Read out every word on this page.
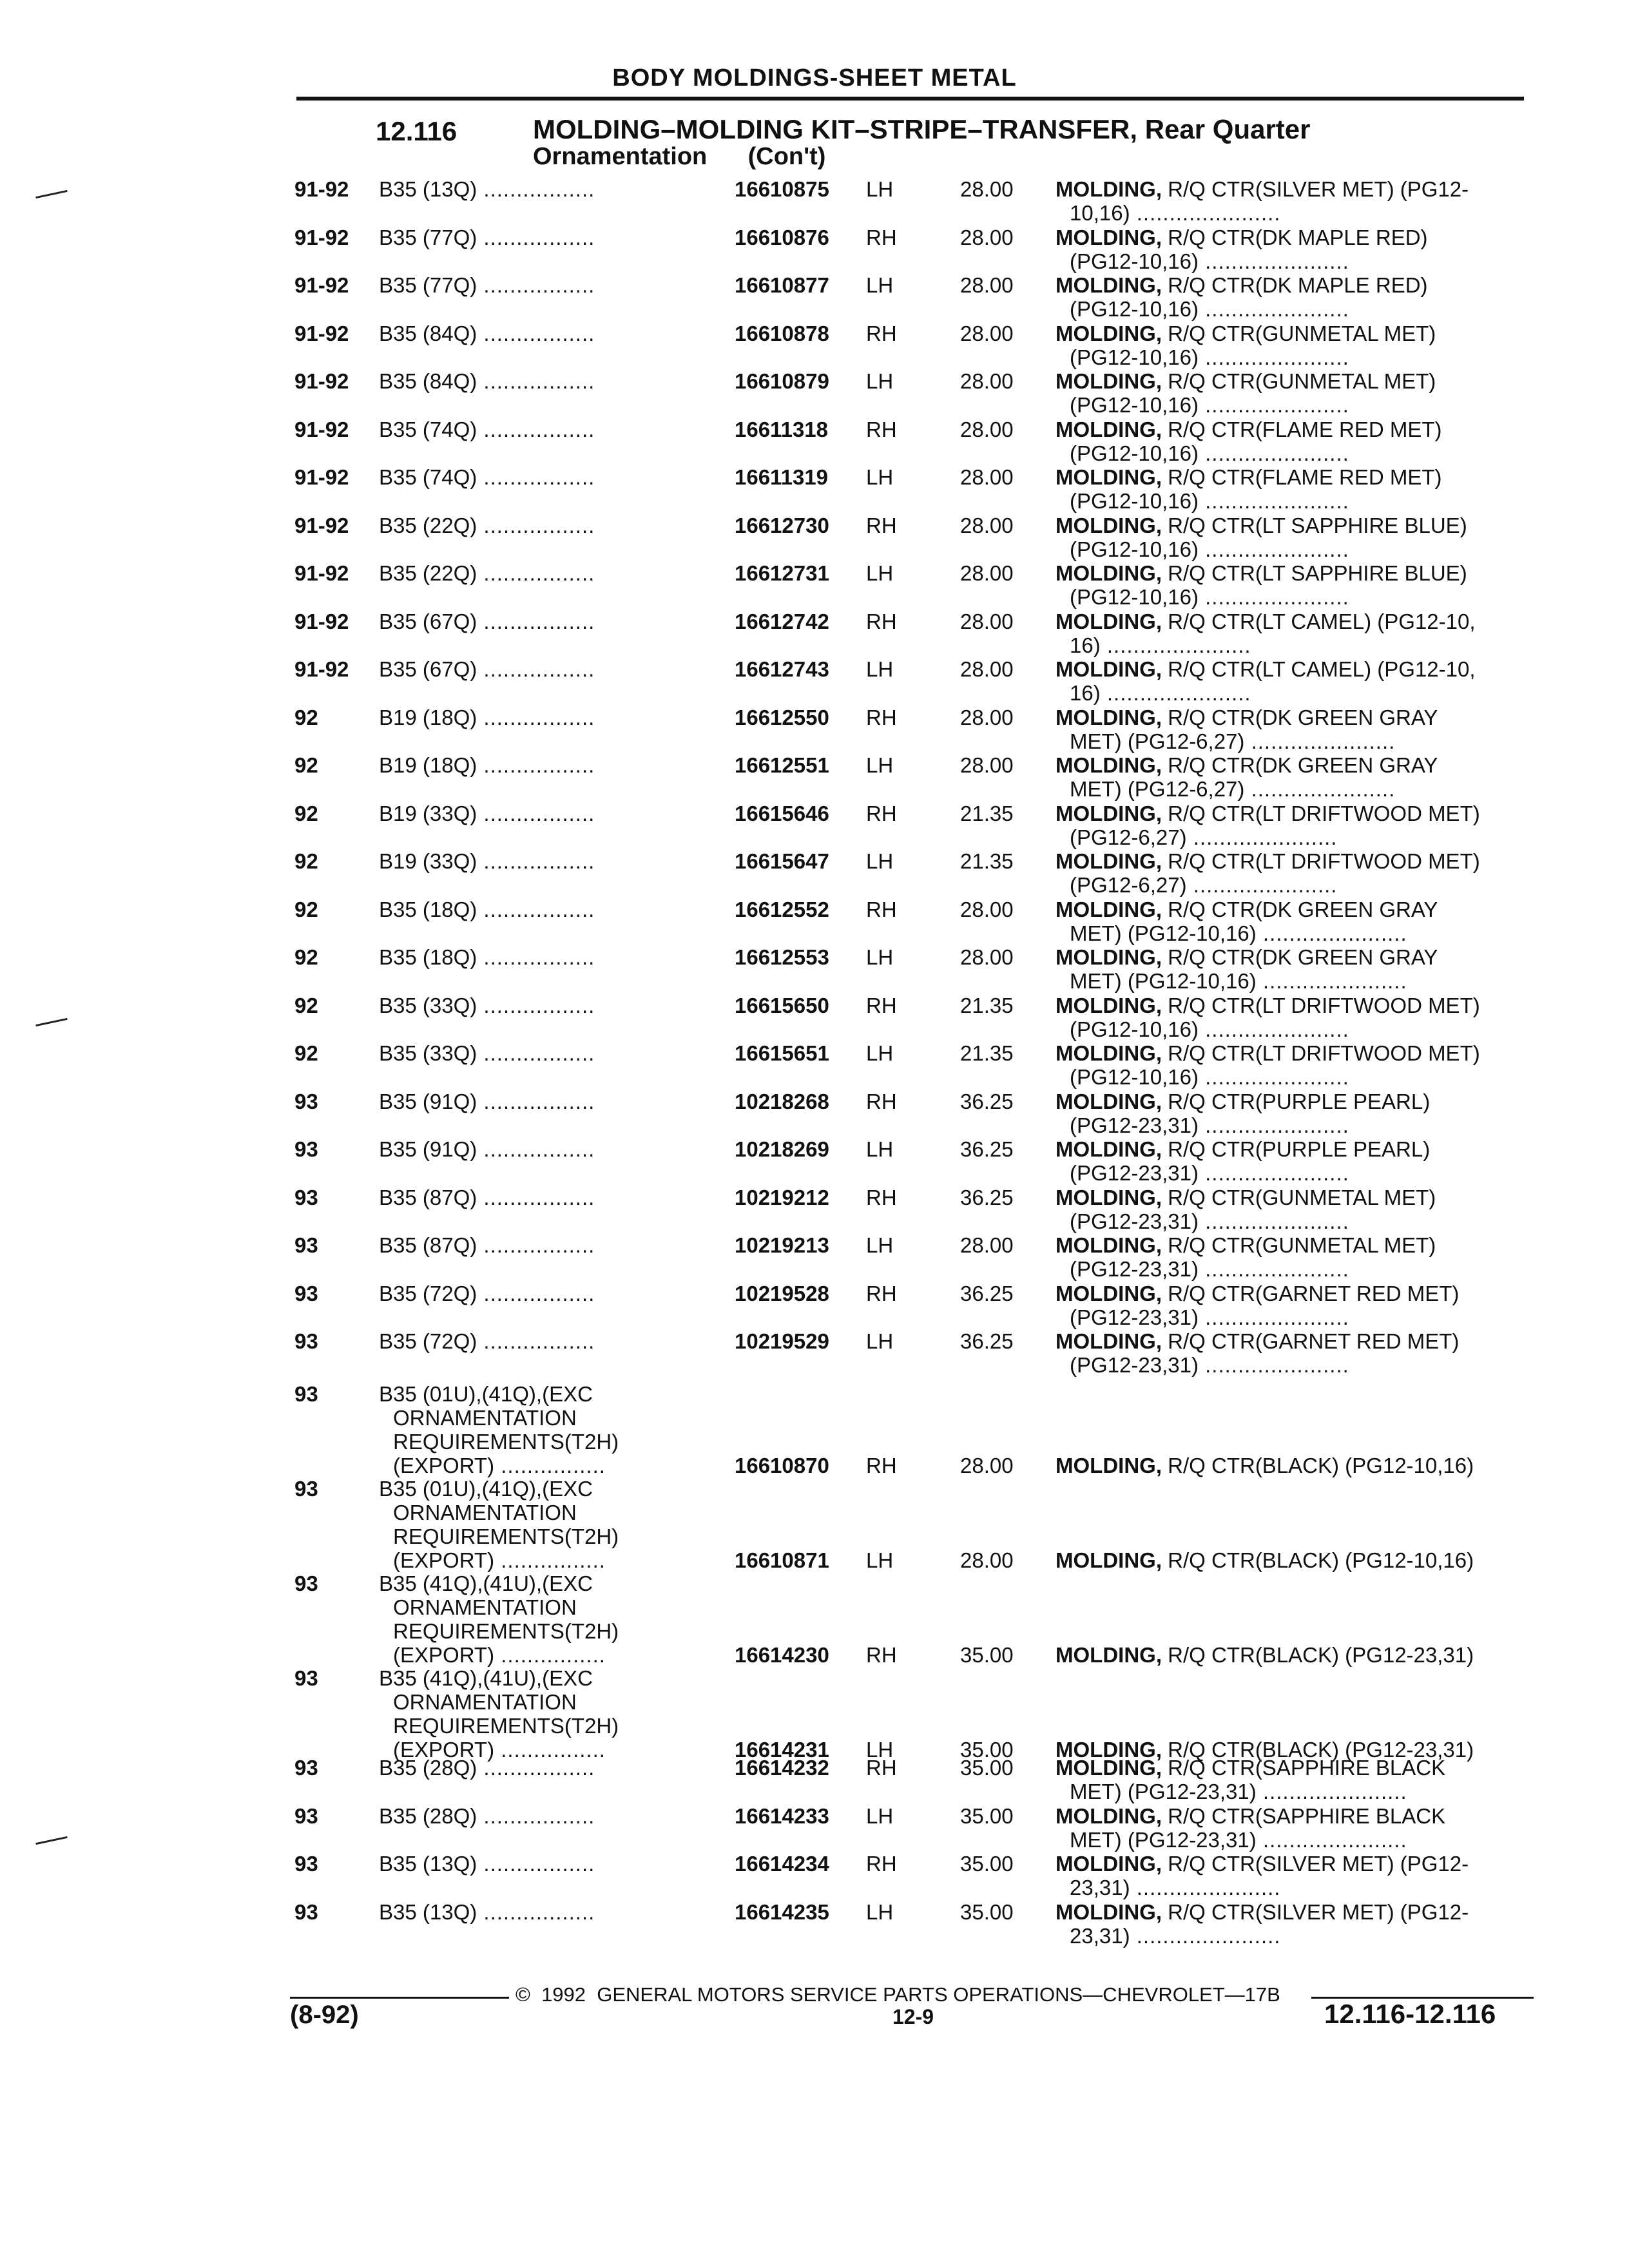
BODY MOLDINGS-SHEET METAL
12.116	MOLDING–MOLDING KIT–STRIPE–TRANSFER, Rear Quarter
Ornamentation      (Con't)
91-92 B35 (13Q) .................	16610875 LH	28.00 MOLDING, R/Q CTR(SILVER MET) (PG12-
10,16) ......................
91-92 B35 (77Q) .................	16610876 RH	28.00 MOLDING, R/Q CTR(DK MAPLE RED)
(PG12-10,16) ......................
91-92 B35 (77Q) .................	16610877 LH	28.00 MOLDING, R/Q CTR(DK MAPLE RED)
(PG12-10,16) ......................
91-92 B35 (84Q) .................	16610878 RH	28.00 MOLDING, R/Q CTR(GUNMETAL MET)
(PG12-10,16) ......................
91-92 B35 (84Q) .................	16610879 LH	28.00 MOLDING, R/Q CTR(GUNMETAL MET)
(PG12-10,16) ......................
91-92 B35 (74Q) .................	16611318 RH	28.00 MOLDING, R/Q CTR(FLAME RED MET)
(PG12-10,16) ......................
91-92 B35 (74Q) .................	16611319 LH	28.00 MOLDING, R/Q CTR(FLAME RED MET)
(PG12-10,16) ......................
91-92 B35 (22Q) .................	16612730 RH	28.00 MOLDING, R/Q CTR(LT SAPPHIRE BLUE)
(PG12-10,16) ......................
91-92 B35 (22Q) .................	16612731 LH	28.00 MOLDING, R/Q CTR(LT SAPPHIRE BLUE)
(PG12-10,16) ......................
91-92 B35 (67Q) .................	16612742 RH	28.00 MOLDING, R/Q CTR(LT CAMEL) (PG12-10,
16) ......................
91-92 B35 (67Q) .................	16612743 LH	28.00 MOLDING, R/Q CTR(LT CAMEL) (PG12-10,
16) ......................
92	B19 (18Q) .................	16612550 RH	28.00 MOLDING, R/Q CTR(DK GREEN GRAY
MET) (PG12-6,27) ......................
92	B19 (18Q) .................	16612551 LH	28.00 MOLDING, R/Q CTR(DK GREEN GRAY
MET) (PG12-6,27) ......................
92	B19 (33Q) .................	16615646 RH	21.35 MOLDING, R/Q CTR(LT DRIFTWOOD MET)
(PG12-6,27) ......................
92	B19 (33Q) .................	16615647 LH	21.35 MOLDING, R/Q CTR(LT DRIFTWOOD MET)
(PG12-6,27) ......................
92	B35 (18Q) .................	16612552 RH	28.00 MOLDING, R/Q CTR(DK GREEN GRAY
MET) (PG12-10,16) ......................
92	B35 (18Q) .................	16612553 LH	28.00 MOLDING, R/Q CTR(DK GREEN GRAY
MET) (PG12-10,16) ......................
92	B35 (33Q) .................	16615650 RH	21.35 MOLDING, R/Q CTR(LT DRIFTWOOD MET)
(PG12-10,16) ......................
92	B35 (33Q) .................	16615651 LH	21.35 MOLDING, R/Q CTR(LT DRIFTWOOD MET)
(PG12-10,16) ......................
93	B35 (91Q) .................	10218268 RH	36.25 MOLDING, R/Q CTR(PURPLE PEARL)
(PG12-23,31) ......................
93	B35 (91Q) .................	10218269 LH	36.25 MOLDING, R/Q CTR(PURPLE PEARL)
(PG12-23,31) ......................
93	B35 (87Q) .................	10219212 RH	36.25 MOLDING, R/Q CTR(GUNMETAL MET)
(PG12-23,31) ......................
93	B35 (87Q) .................	10219213 LH	28.00 MOLDING, R/Q CTR(GUNMETAL MET)
(PG12-23,31) ......................
93	B35 (72Q) .................	10219528 RH	36.25 MOLDING, R/Q CTR(GARNET RED MET)
(PG12-23,31) ......................
93	B35 (72Q) .................	10219529 LH	36.25 MOLDING, R/Q CTR(GARNET RED MET)
(PG12-23,31) ......................
93	B35 (01U),(41Q),(EXC
ORNAMENTATION
REQUIREMENTS(T2H)
(EXPORT) ................	16610870 RH	28.00 MOLDING, R/Q CTR(BLACK) (PG12-10,16)
93	B35 (01U),(41Q),(EXC
ORNAMENTATION
REQUIREMENTS(T2H)
(EXPORT) ................	16610871 LH	28.00 MOLDING, R/Q CTR(BLACK) (PG12-10,16)
93	B35 (41Q),(41U),(EXC
ORNAMENTATION
REQUIREMENTS(T2H)
(EXPORT) ................	16614230 RH	35.00 MOLDING, R/Q CTR(BLACK) (PG12-23,31)
93	B35 (41Q),(41U),(EXC
ORNAMENTATION
REQUIREMENTS(T2H)
(EXPORT) ................	16614231 LH	35.00 MOLDING, R/Q CTR(BLACK) (PG12-23,31)
93	B35 (28Q) .................	16614232 RH	35.00 MOLDING, R/Q CTR(SAPPHIRE BLACK
MET) (PG12-23,31) ......................
93	B35 (28Q) .................	16614233 LH	35.00 MOLDING, R/Q CTR(SAPPHIRE BLACK
MET) (PG12-23,31) ......................
93	B35 (13Q) .................	16614234 RH	35.00 MOLDING, R/Q CTR(SILVER MET) (PG12-
23,31) ......................
93	B35 (13Q) .................	16614235 LH	35.00 MOLDING, R/Q CTR(SILVER MET) (PG12-
23,31) ......................
©  1992  GENERAL MOTORS SERVICE PARTS OPERATIONS—CHEVROLET—17B
(8-92)	12-9	12.116-12.116
